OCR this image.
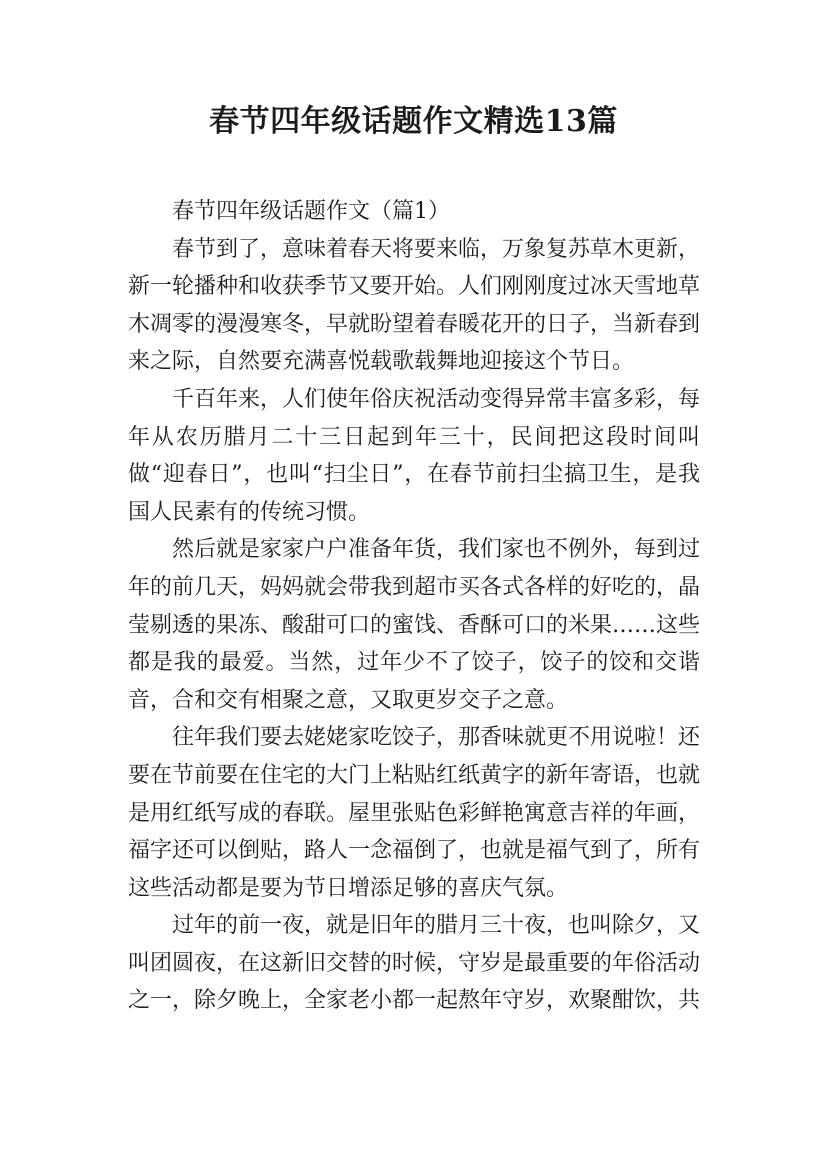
春节四年级话题作文精选13篇

春节四年级话题作文（篇1）

春节到了，意味着春天将要来临，万象复苏草木更新，新一轮播种和收获季节又要开始。人们刚刚度过冰天雪地草木凋零的漫漫寒冬，早就盼望着春暖花开的日子，当新春到来之际，自然要充满喜悦载歌载舞地迎接这个节日。

千百年来，人们使年俗庆祝活动变得异常丰富多彩，每年从农历腊月二十三日起到年三十，民间把这段时间叫做“迎春日”，也叫“扫尘日”，在春节前扫尘搞卫生，是我国人民素有的传统习惯。

然后就是家家户户准备年货，我们家也不例外，每到过年的前几天，妈妈就会带我到超市买各式各样的好吃的，晶莹剔透的果冻、酸甜可口的蜜饯、香酥可口的米果……这些都是我的最爱。当然，过年少不了饺子，饺子的饺和交谐音，合和交有相聚之意，又取更岁交子之意。

往年我们要去姥姥家吃饺子，那香味就更不用说啦！还要在节前要在住宅的大门上粘贴红纸黄字的新年寄语，也就是用红纸写成的春联。屋里张贴色彩鲜艳寓意吉祥的年画，福字还可以倒贴，路人一念福倒了，也就是福气到了，所有这些活动都是要为节日增添足够的喜庆气氛。

过年的前一夜，就是旧年的腊月三十夜，也叫除夕，又叫团圆夜，在这新旧交替的时候，守岁是最重要的年俗活动之一，除夕晚上，全家老小都一起熬年守岁，欢聚酣饮，共
